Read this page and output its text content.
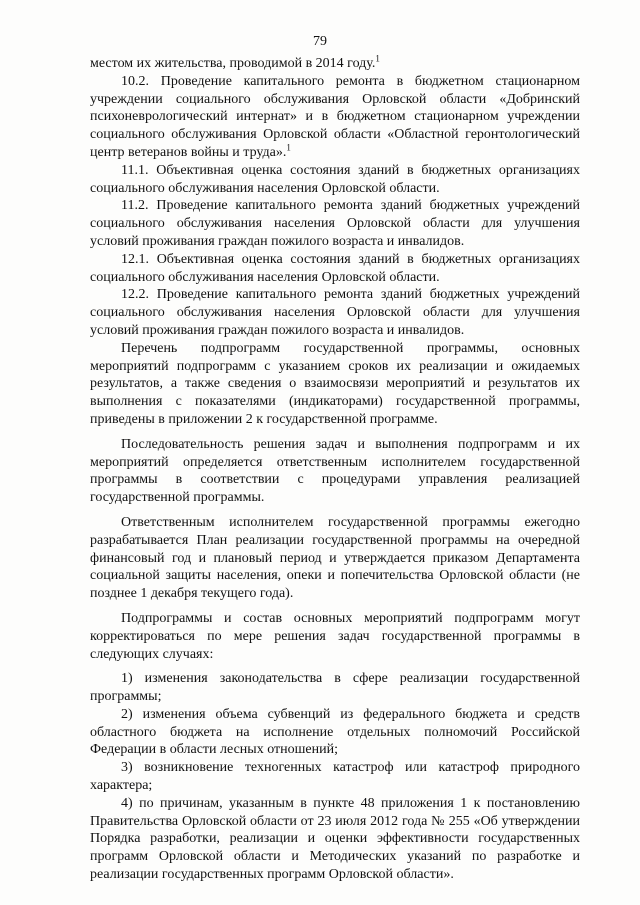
79

местом их жительства, проводимой в 2014 году.$^1$

10.2. Проведение капитального ремонта в бюджетном стационарном учреждении социального обслуживания Орловской области «Добринский психоневрологический интернат» и в бюджетном стационарном учреждении социального обслуживания Орловской области «Областной геронтологический центр ветеранов войны и труда».$^1$

11.1. Объективная оценка состояния зданий в бюджетных организациях социального обслуживания населения Орловской области.

11.2. Проведение капитального ремонта зданий бюджетных учреждений социального обслуживания населения Орловской области для улучшения условий проживания граждан пожилого возраста и инвалидов.

12.1. Объективная оценка состояния зданий в бюджетных организациях социального обслуживания населения Орловской области.

12.2. Проведение капитального ремонта зданий бюджетных учреждений социального обслуживания населения Орловской области для улучшения условий проживания граждан пожилого возраста и инвалидов.

Перечень подпрограмм государственной программы, основных мероприятий подпрограмм с указанием сроков их реализации и ожидаемых результатов, а также сведения о взаимосвязи мероприятий и результатов их выполнения с показателями (индикаторами) государственной программы, приведены в приложении 2 к государственной программе.

Последовательность решения задач и выполнения подпрограмм и их мероприятий определяется ответственным исполнителем государственной программы в соответствии с процедурами управления реализацией государственной программы.

Ответственным исполнителем государственной программы ежегодно разрабатывается План реализации государственной программы на очередной финансовый год и плановый период и утверждается приказом Департамента социальной защиты населения, опеки и попечительства Орловской области (не позднее 1 декабря текущего года).

Подпрограммы и состав основных мероприятий подпрограмм могут корректироваться по мере решения задач государственной программы в следующих случаях:

1) изменения законодательства в сфере реализации государственной программы;

2) изменения объема субвенций из федерального бюджета и средств областного бюджета на исполнение отдельных полномочий Российской Федерации в области лесных отношений;

3) возникновение техногенных катастроф или катастроф природного характера;

4) по причинам, указанным в пункте 48 приложения 1 к постановлению Правительства Орловской области от 23 июля 2012 года № 255 «Об утверждении Порядка разработки, реализации и оценки эффективности государственных программ Орловской области и Методических указаний по разработке и реализации государственных программ Орловской области».
